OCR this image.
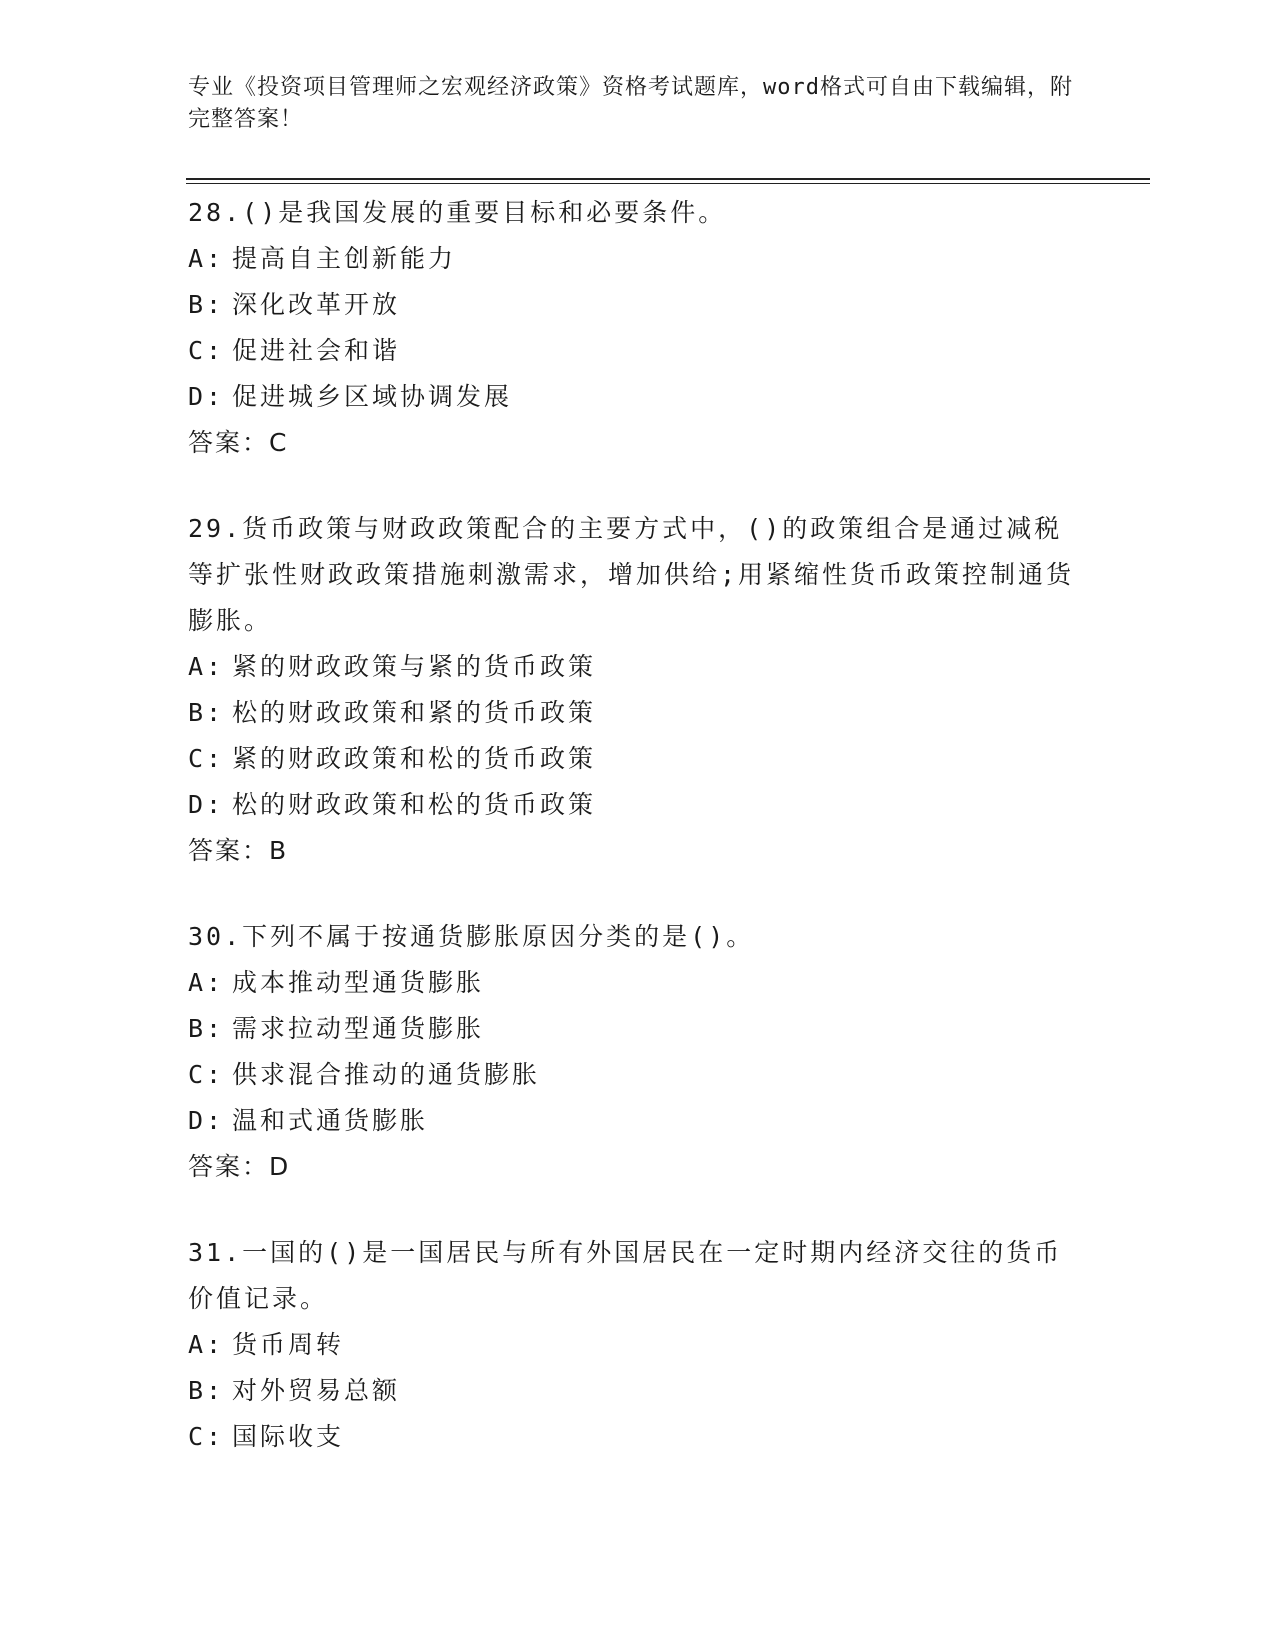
专业《投资项目管理师之宏观经济政策》资格考试题库，word格式可自由下载编辑，附完整答案！
28.()是我国发展的重要目标和必要条件。
A: 提高自主创新能力
B: 深化改革开放
C: 促进社会和谐
D: 促进城乡区域协调发展
答案：C
29.货币政策与财政政策配合的主要方式中，()的政策组合是通过减税等扩张性财政政策措施刺激需求，增加供给;用紧缩性货币政策控制通货膨胀。
A: 紧的财政政策与紧的货币政策
B: 松的财政政策和紧的货币政策
C: 紧的财政政策和松的货币政策
D: 松的财政政策和松的货币政策
答案：B
30.下列不属于按通货膨胀原因分类的是()。
A: 成本推动型通货膨胀
B: 需求拉动型通货膨胀
C: 供求混合推动的通货膨胀
D: 温和式通货膨胀
答案：D
31.一国的()是一国居民与所有外国居民在一定时期内经济交往的货币价值记录。
A: 货币周转
B: 对外贸易总额
C: 国际收支
